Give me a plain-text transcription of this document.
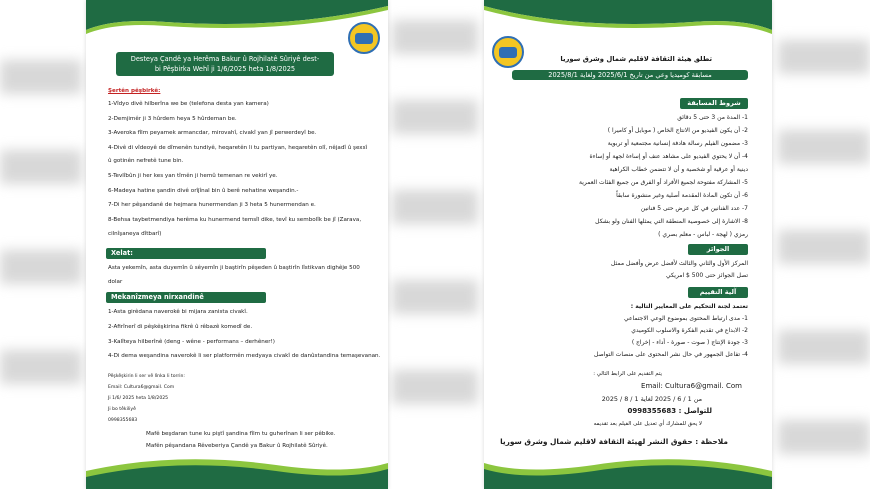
Desteya Çandê ya Herêma Bakur û Rojhilatê Sûriyê dest-
bi Pêşbirka Wehî ji 1/6/2025 heta 1/8/2025
Şertên pêşbirkê:
1-Vîdyo divê hilberîna we be (telefona desta yan kamera)
2-Demjimêr ji 3 hûrdem heya 5 hûrdeman be.
3-Averoka fîlm peyamek armancdar, mirovahî, civakî yan jî perwerdeyî be.
4-Divê di vîdeoyê de dîmenên tundiyê, heqaretên li tu partiyan, heqaretên olî, nêjadî û şexsî
û gotinên nefretê tune bin.
5-Tevlîbûn ji her kes yan tîmên ji hemû temenan re vekirî ye.
6-Madeya hatine şandin divê orîjînal bin û berê nehatine weşandin.-
7-Di her pêşandanê de hejmara hunermendan ji 3 heta 5 hunermendan e.
8-Behsa taybetmendiya herêma ku hunermend temsîl dike, tevî ku sembolîk be jî (Zarava,
cilnîşaneya dîtbarî)
Xelat:
Asta yekemîn, asta duyemîn û sêyemîn ji baştirîn pêşeden û baştirîn lîstikvan dighêje 500
dolar
Mekanîzmeya nirxandinê
1-Asta girêdana naverokê bi mijara zanista civakî.
2-Afirînerî di pêşkêşkirina fikrê û rêbazê komedî de.
3-Kalîteya hilberînê (deng - wêne - performans – derhêner!)
4-Di dema weşandina naverokê li ser platformên medyaya civakî de danûstandina temaşevanan.
Pêşkêşkirin li ser vê lînka li torrin:
Email: Cultura6@gmail. Com
Ji 1/6/ 2025 heta 1/8/2025
Ji bo têkiliyê
0998355683
Mafê beşdaran tune ku piştî şandina fîlm tu guherînan li ser pêbike.
Mafên pêşandana Rêveberiya Çandê ya Bakur û Rojhilatê Sûriyê.
تطلق هيئة الثقافة لاقليم شمال وشرق سوريا
مسابقة كوميديا وعي من تاريخ 2025/6/1 ولغاية 2025/8/1
شروط المسابقة
1- المدة من 3 حتى 5 دقائق
2- أن يكون الفيديو من الانتاج الخاص ( موبايل أو كاميرا )
3- مضمون الفيلم رسالة هادفة إنسانية مجتمعية أو تربوية
4- أن لا يحتوي الفيديو على مشاهد عنف أو إساءة لجهة أو إساءة
دينية أو عرقية أو شخصية و أن لا تتضمن خطاب الكراهية
5- المشاركة مفتوحة لجميع الأفراد أو الفرق من جميع الفئات العمرية
6- أن تكون المادة المقدمة أصلية وغير منشورة سابقاً
7- عدد الفنانين في كل عرض حتى 5 فنانين
8- الاشارة إلى خصوصية المنطقة التي يمثلها الفنان ولو بشكل
رمزي ( لهجة - لباس - معلم بصري )
الجوائز
المركز الأول والثاني والثالث لأفضل عرض وأفضل ممثل
تصل الجوائز حتى 500 $ امريكي
آلية التقييم
تعتمد لجنة التحكيم على المعايير التالية :
1- مدى ارتباط المحتوى بموضوع الوعي الاجتماعي
2- الابداع في تقديم الفكرة والاسلوب الكوميدي
3- جودة الإنتاج ( صوت - صورة - أداء - إخراج )
4- تفاعل الجمهور في حال نشر المحتوى على منصات التواصل
يتم التقديم على الرابط التالي :
Email: Cultura6@gmail. Com
من 1 / 6 / 2025 لغاية 1 / 8 / 2025
للتواصل : 0998355683
لا يحق للمشارك أي تعديل على الفيلم بعد تقديمه
ملاحظة : حقوق النشر لهيئة الثقافة لاقليم شمال وشرق سوريا
